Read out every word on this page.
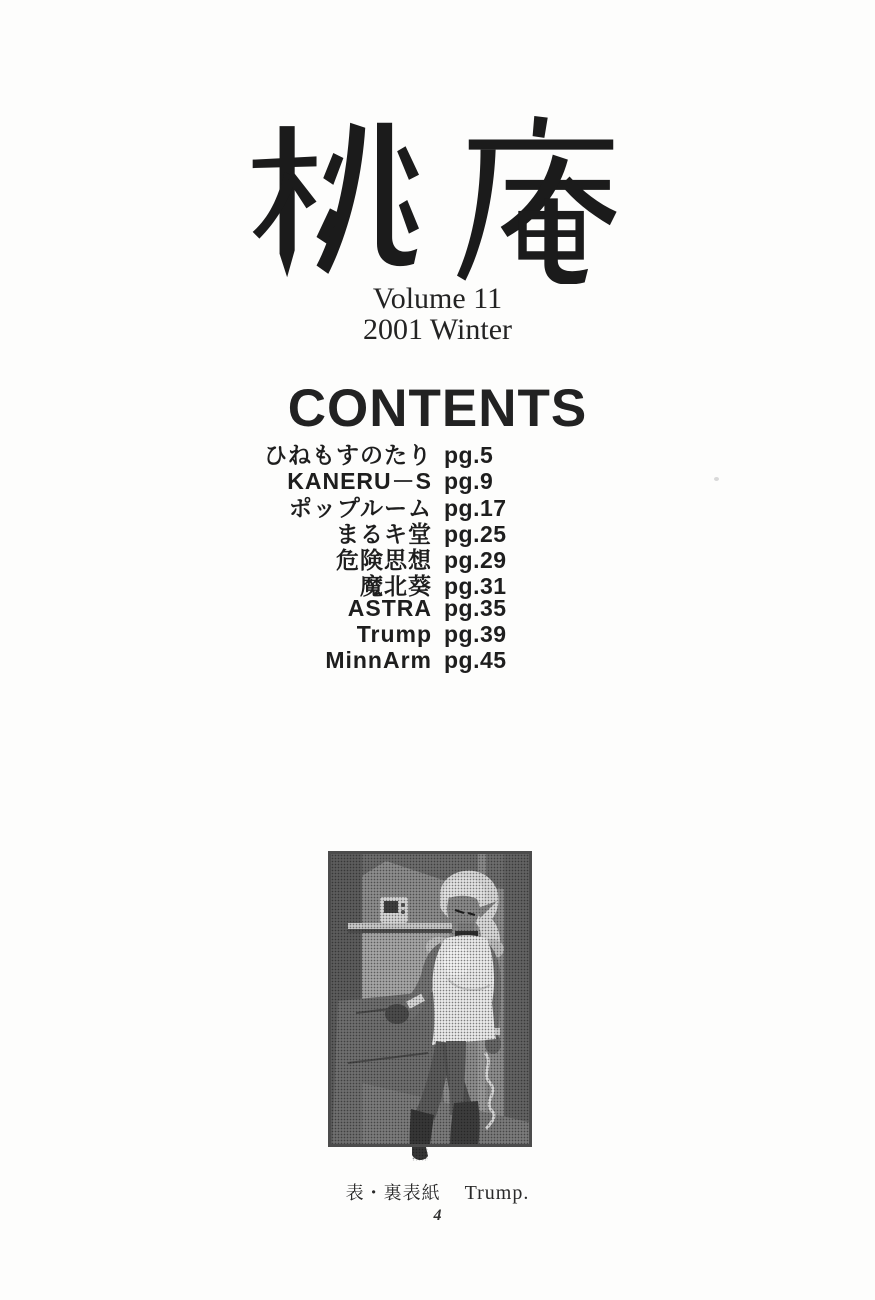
Volume 11
2001 Winter
CONTENTS
ひねもすのたり pg.5
KANERU－S pg.9
ポップルーム pg.17
まるキ堂 pg.25
危険思想 pg.29
魔北葵 pg.31
ASTRA pg.35
Trump pg.39
MinnArm pg.45
表・裏表紙 Trump.
4
